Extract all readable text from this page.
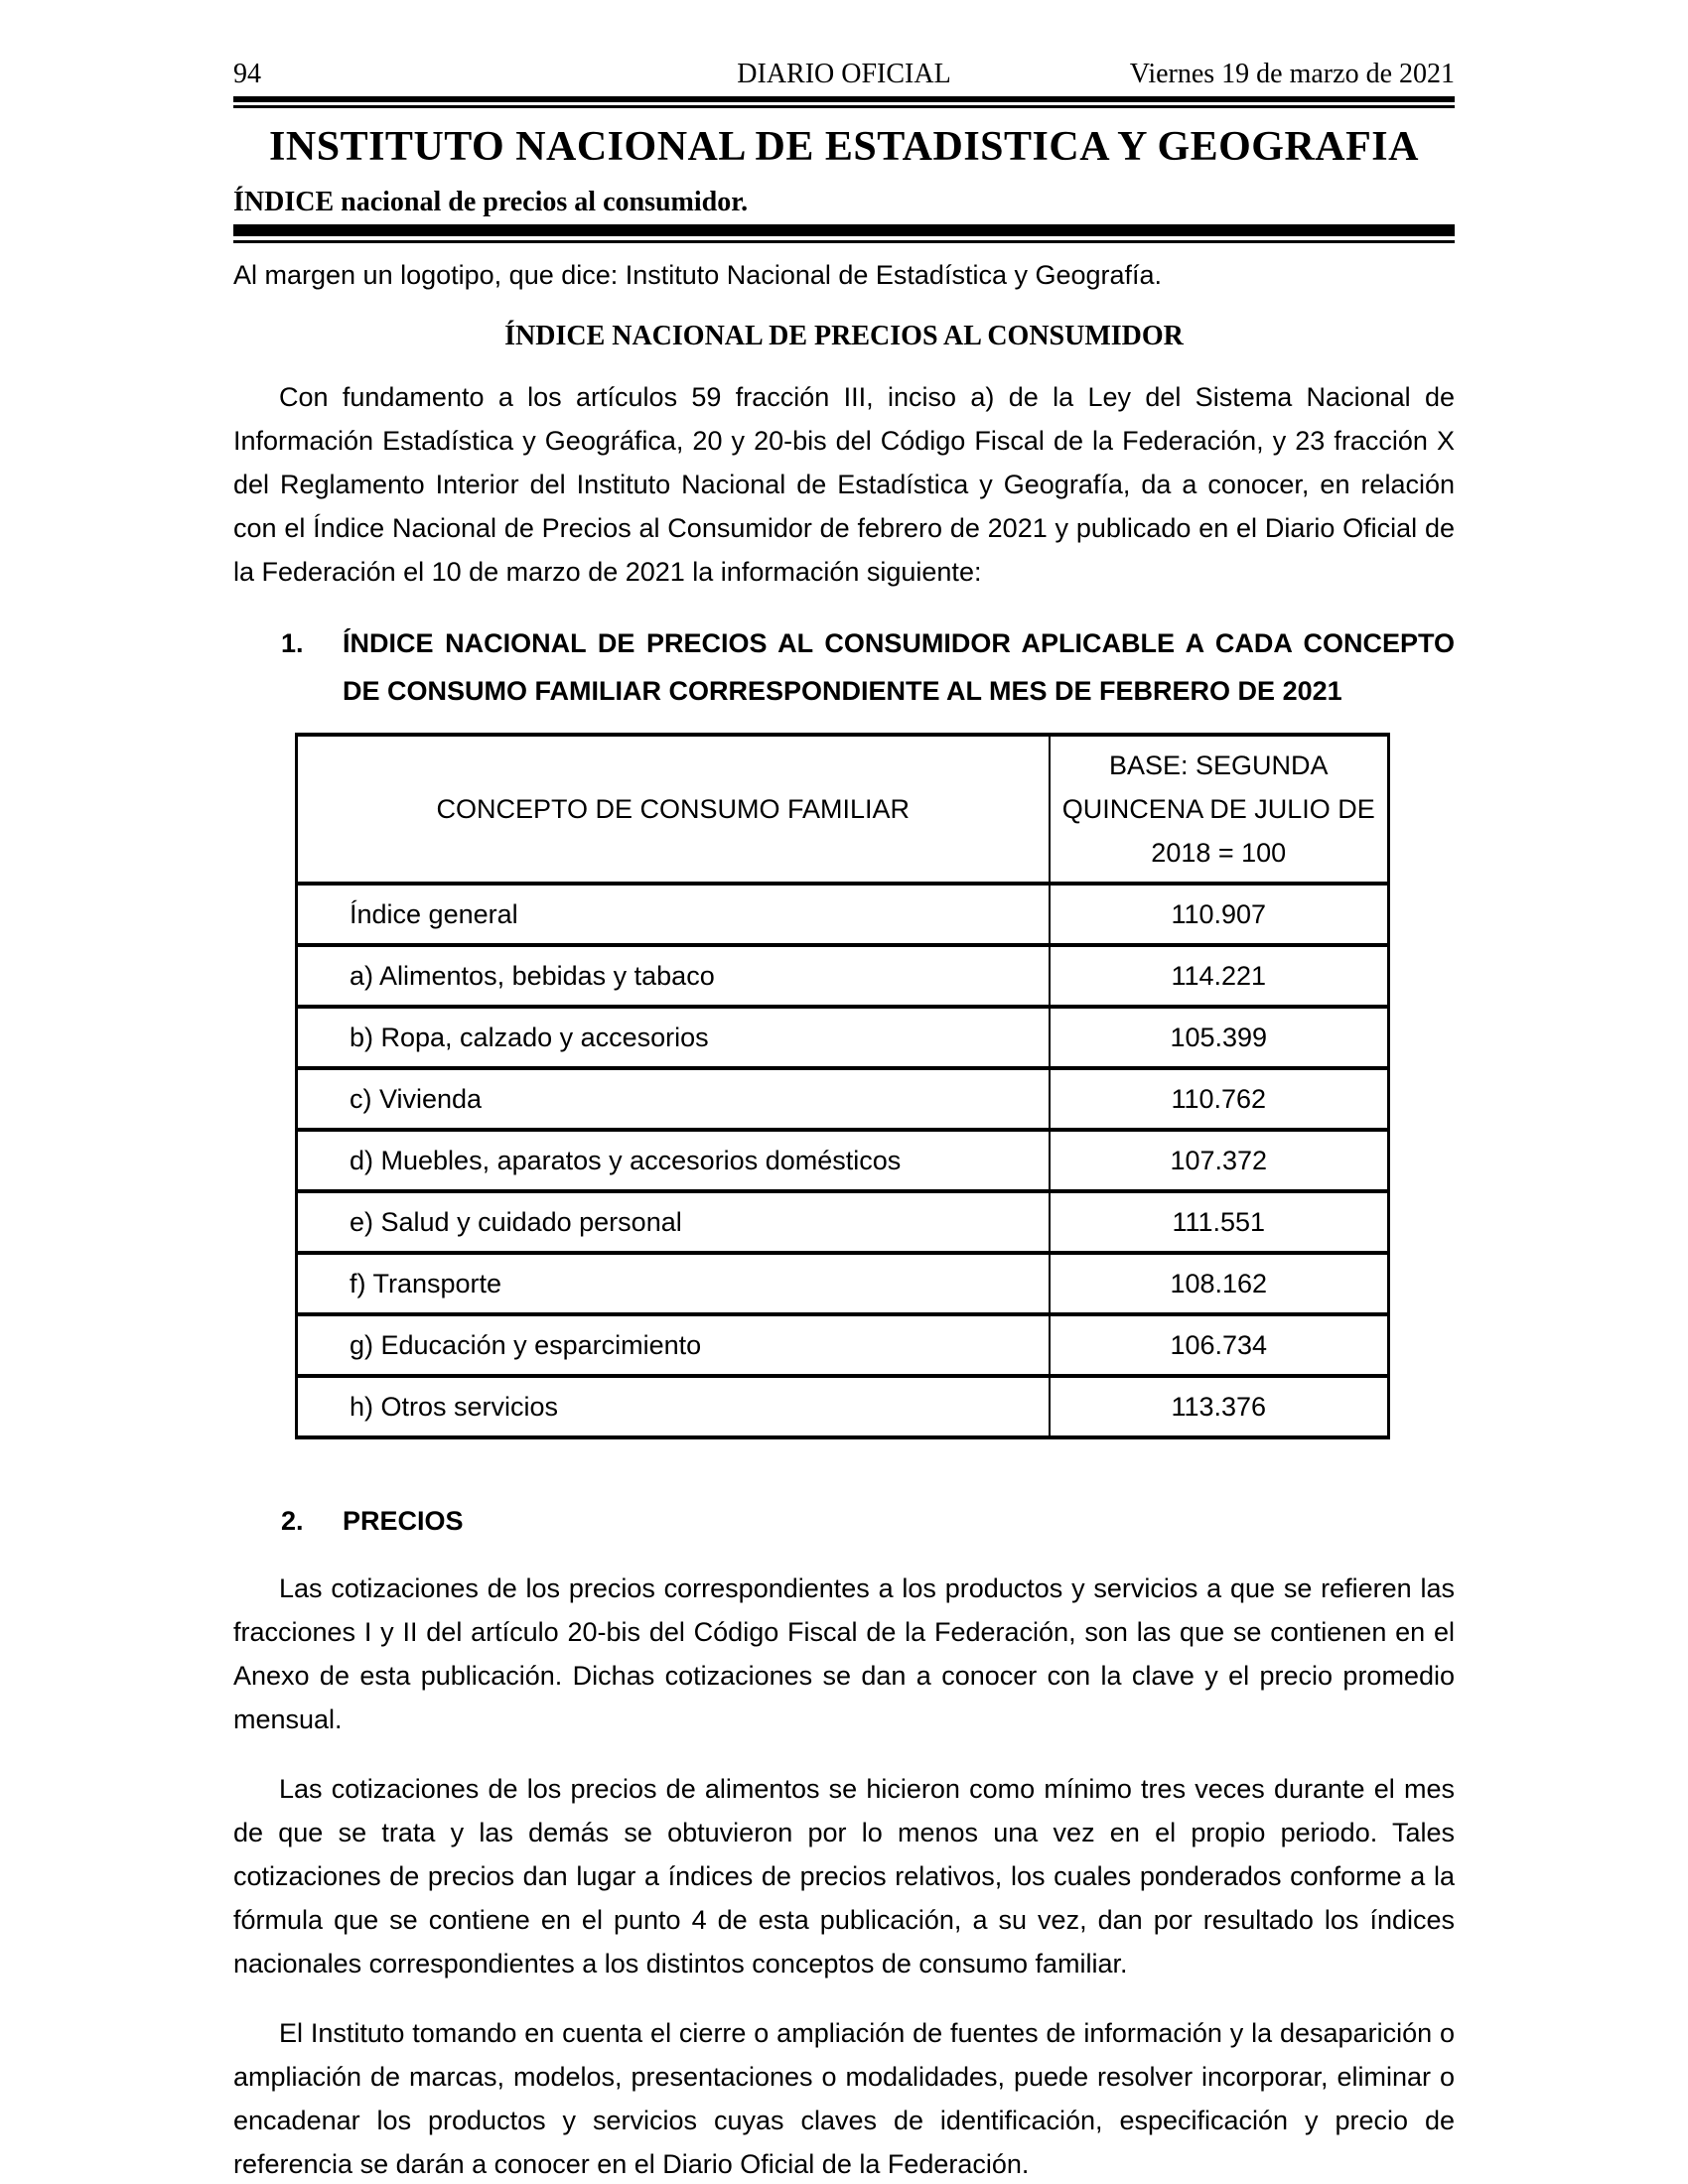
94	DIARIO OFICIAL	Viernes 19 de marzo de 2021
INSTITUTO NACIONAL DE ESTADISTICA Y GEOGRAFIA
ÍNDICE nacional de precios al consumidor.
Al margen un logotipo, que dice: Instituto Nacional de Estadística y Geografía.
ÍNDICE NACIONAL DE PRECIOS AL CONSUMIDOR

Con fundamento a los artículos 59 fracción III, inciso a) de la Ley del Sistema Nacional de Información Estadística y Geográfica, 20 y 20-bis del Código Fiscal de la Federación, y 23 fracción X del Reglamento Interior del Instituto Nacional de Estadística y Geografía, da a conocer, en relación con el Índice Nacional de Precios al Consumidor de febrero de 2021 y publicado en el Diario Oficial de la Federación el 10 de marzo de 2021 la información siguiente:

1. ÍNDICE NACIONAL DE PRECIOS AL CONSUMIDOR APLICABLE A CADA CONCEPTO DE CONSUMO FAMILIAR CORRESPONDIENTE AL MES DE FEBRERO DE 2021
CONCEPTO DE CONSUMO FAMILIAR	BASE: SEGUNDA
QUINCENA DE JULIO DE
2018 = 100

Índice general	110.907
a) Alimentos, bebidas y tabaco	114.221
b) Ropa, calzado y accesorios	105.399
c) Vivienda	110.762
d) Muebles, aparatos y accesorios domésticos	107.372
e) Salud y cuidado personal	111.551
f) Transporte	108.162
g) Educación y esparcimiento	106.734
h) Otros servicios	113.376
2. PRECIOS

Las cotizaciones de los precios correspondientes a los productos y servicios a que se refieren las fracciones I y II del artículo 20-bis del Código Fiscal de la Federación, son las que se contienen en el Anexo de esta publicación. Dichas cotizaciones se dan a conocer con la clave y el precio promedio mensual.

Las cotizaciones de los precios de alimentos se hicieron como mínimo tres veces durante el mes de que se trata y las demás se obtuvieron por lo menos una vez en el propio periodo. Tales cotizaciones de precios dan lugar a índices de precios relativos, los cuales ponderados conforme a la fórmula que se contiene en el punto 4 de esta publicación, a su vez, dan por resultado los índices nacionales correspondientes a los distintos conceptos de consumo familiar.

El Instituto tomando en cuenta el cierre o ampliación de fuentes de información y la desaparición o ampliación de marcas, modelos, presentaciones o modalidades, puede resolver incorporar, eliminar o encadenar los productos y servicios cuyas claves de identificación, especificación y precio de referencia se darán a conocer en el Diario Oficial de la Federación.
